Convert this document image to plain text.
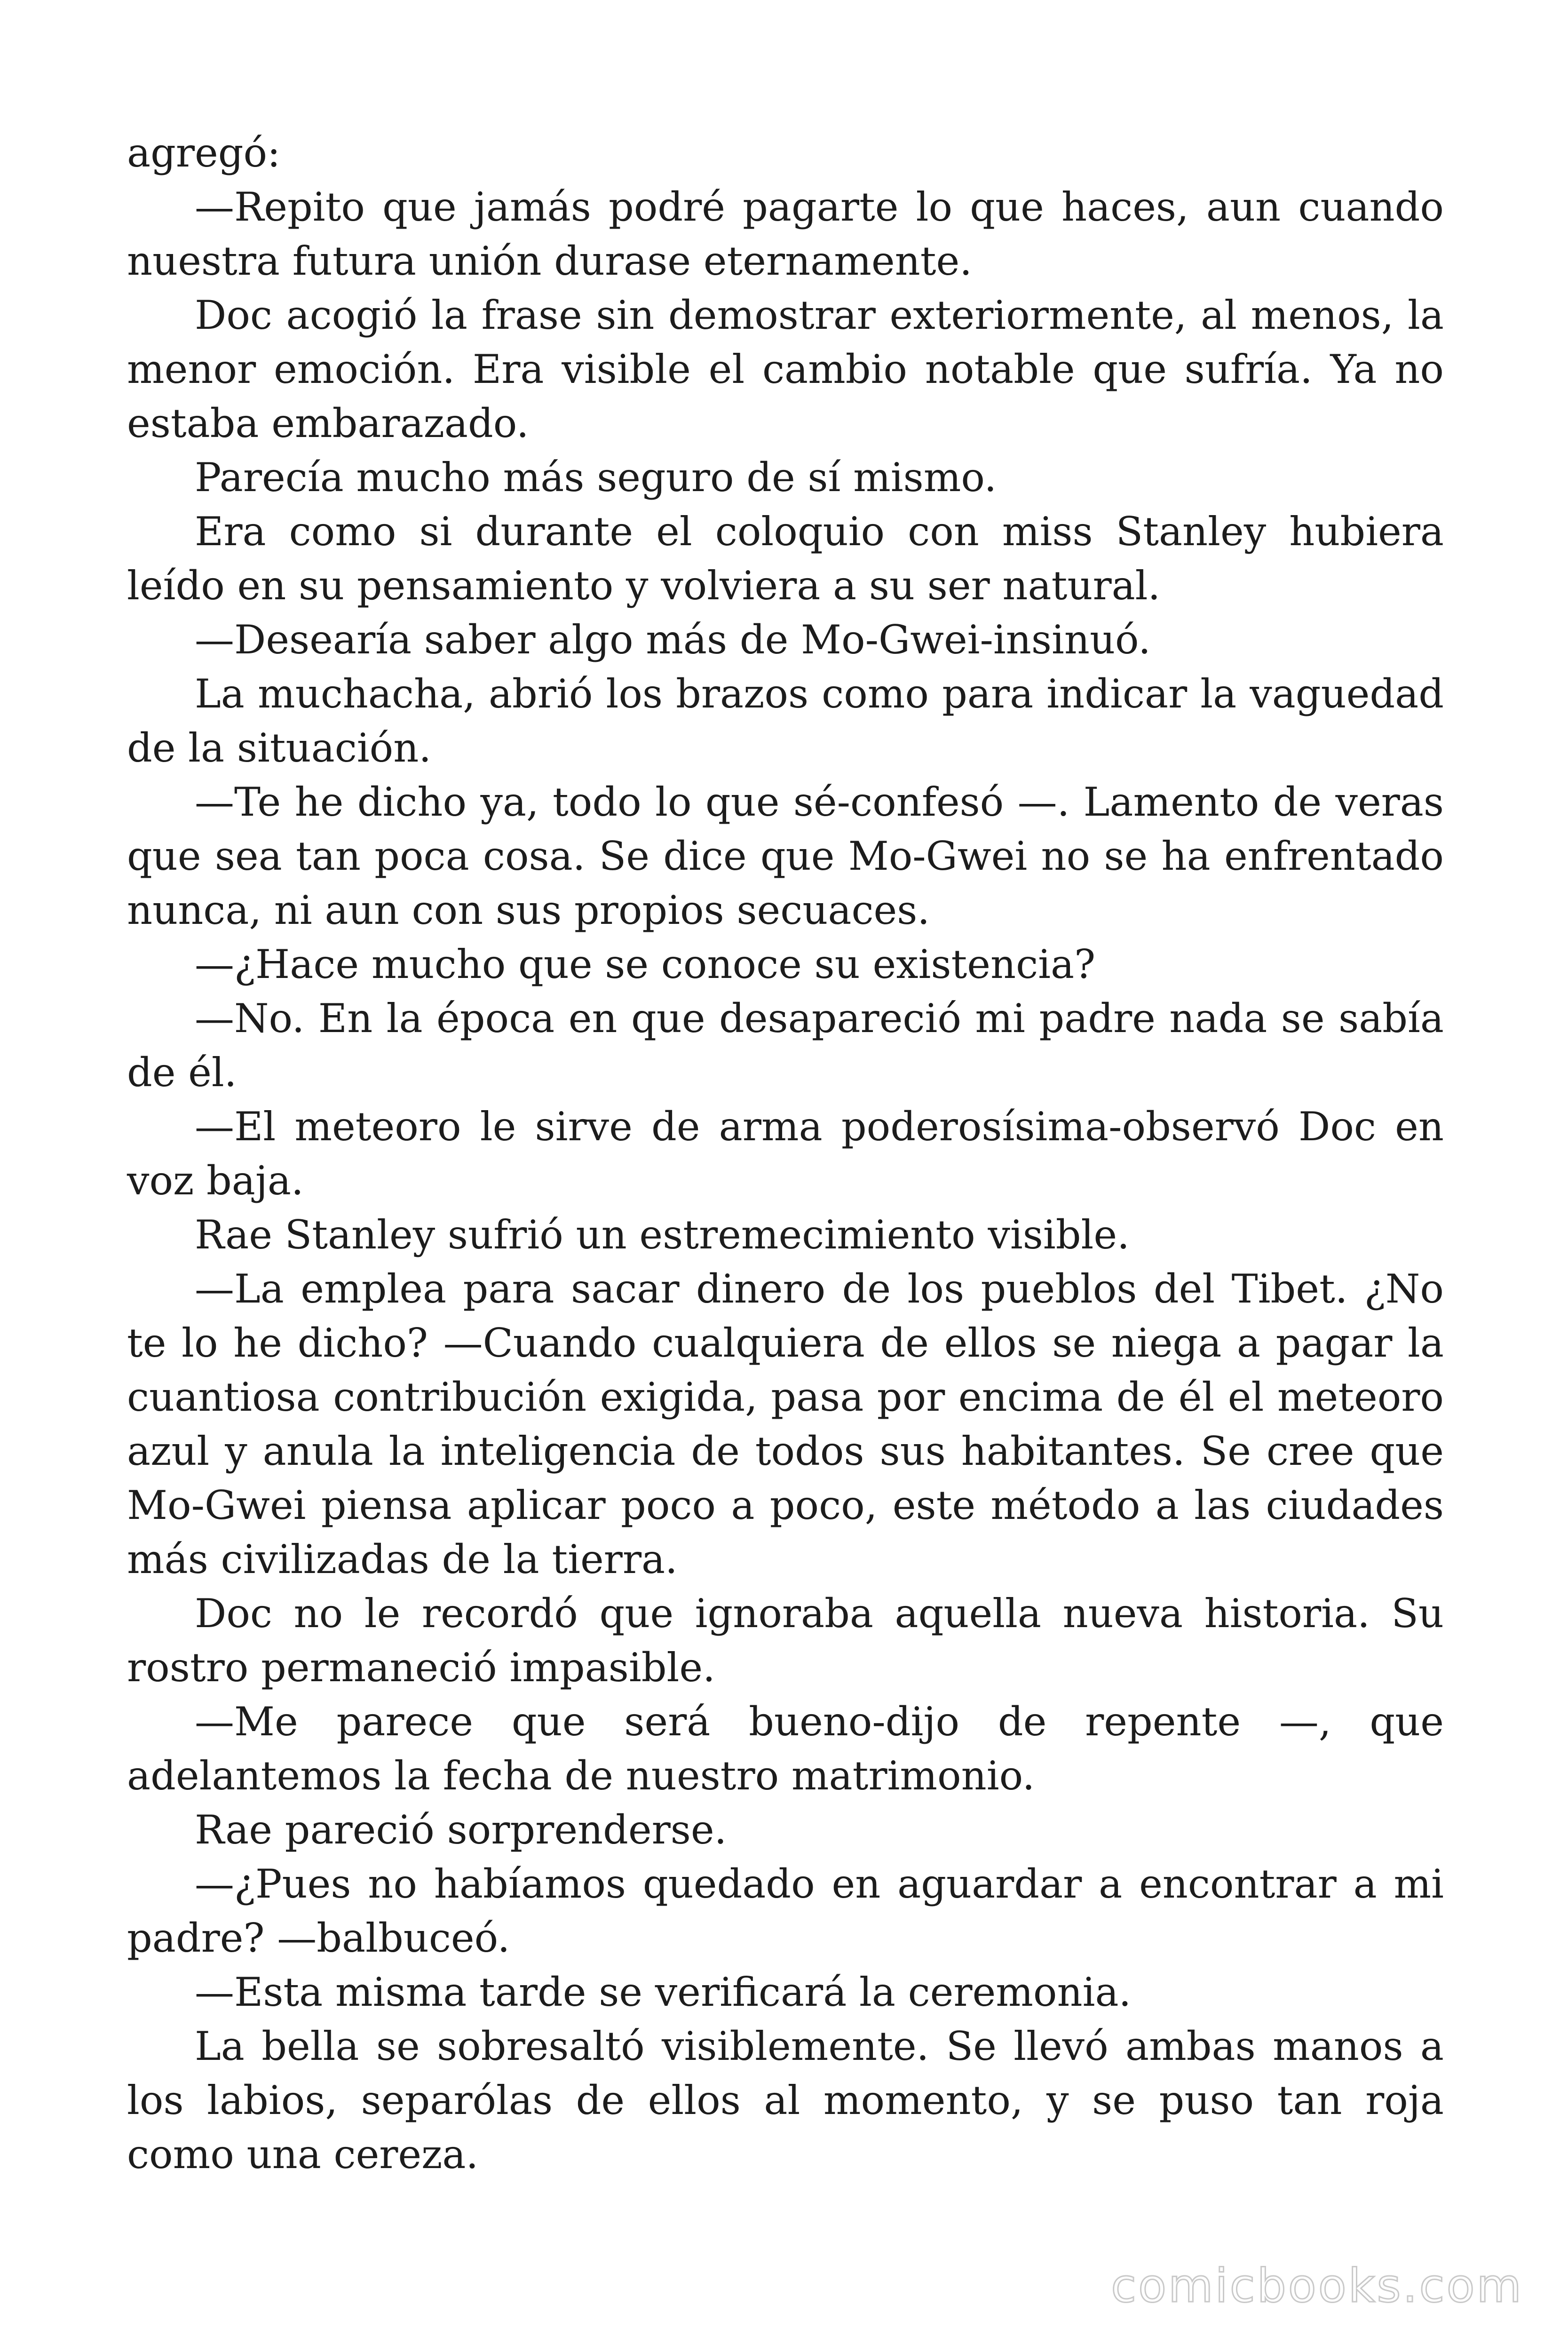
agregó:

—Repito que jamás podré pagarte lo que haces, aun cuando nuestra futura unión durase eternamente.

Doc acogió la frase sin demostrar exteriormente, al menos, la menor emoción. Era visible el cambio notable que sufría. Ya no estaba embarazado.

Parecía mucho más seguro de sí mismo.

Era como si durante el coloquio con miss Stanley hubiera leído en su pensamiento y volviera a su ser natural.

—Desearía saber algo más de Mo-Gwei-insinuó.

La muchacha, abrió los brazos como para indicar la vaguedad de la situación.

—Te he dicho ya, todo lo que sé-confesó —. Lamento de veras que sea tan poca cosa. Se dice que Mo-Gwei no se ha enfrentado nunca, ni aun con sus propios secuaces.

—¿Hace mucho que se conoce su existencia?

—No. En la época en que desapareció mi padre nada se sabía de él.

—El meteoro le sirve de arma poderosísima-observó Doc en voz baja.

Rae Stanley sufrió un estremecimiento visible.

—La emplea para sacar dinero de los pueblos del Tibet. ¿No te lo he dicho? —Cuando cualquiera de ellos se niega a pagar la cuantiosa contribución exigida, pasa por encima de él el meteoro azul y anula la inteligencia de todos sus habitantes. Se cree que Mo-Gwei piensa aplicar poco a poco, este método a las ciudades más civilizadas de la tierra.

Doc no le recordó que ignoraba aquella nueva historia. Su rostro permaneció impasible.

—Me parece que será bueno-dijo de repente —, que adelantemos la fecha de nuestro matrimonio.

Rae pareció sorprenderse.

—¿Pues no habíamos quedado en aguardar a encontrar a mi padre? —balbuceó.

—Esta misma tarde se verificará la ceremonia.

La bella se sobresaltó visiblemente. Se llevó ambas manos a los labios, separólas de ellos al momento, y se puso tan roja como una cereza.

comicbooks.com
